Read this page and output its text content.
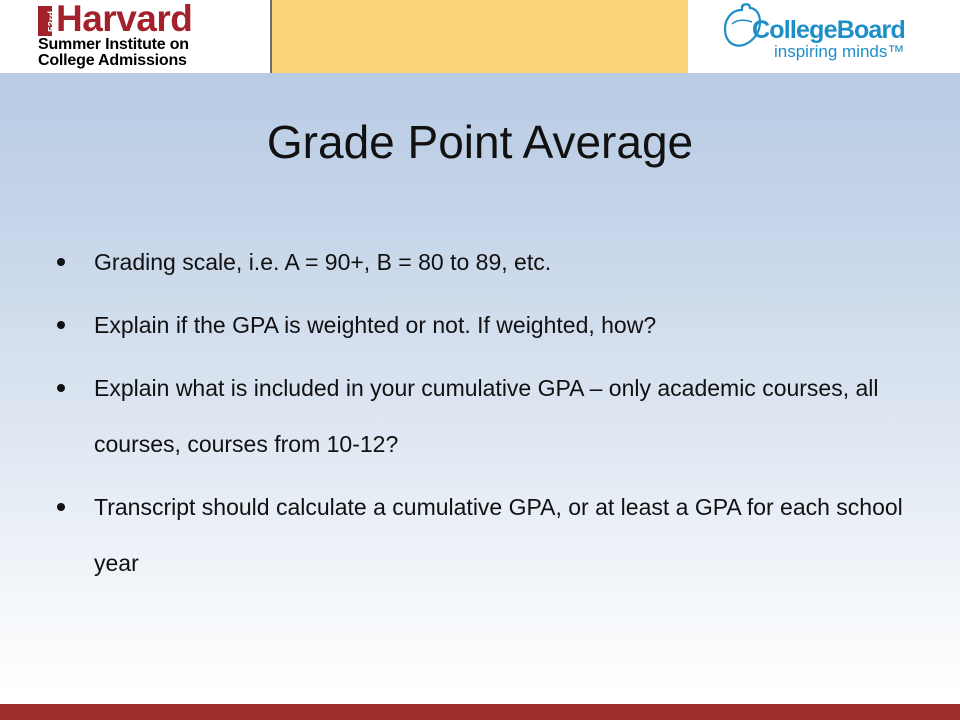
53rd
Harvard
Summer Institute on
College Admissions
CollegeBoard
inspiring minds™
Grade Point Average
Grading scale, i.e. A = 90+, B = 80 to 89, etc.
Explain if the GPA is weighted or not. If weighted, how?
Explain what is included in your cumulative GPA – only academic courses, all courses, courses from 10-12?
Transcript should calculate a cumulative GPA, or at least a GPA for each school year
